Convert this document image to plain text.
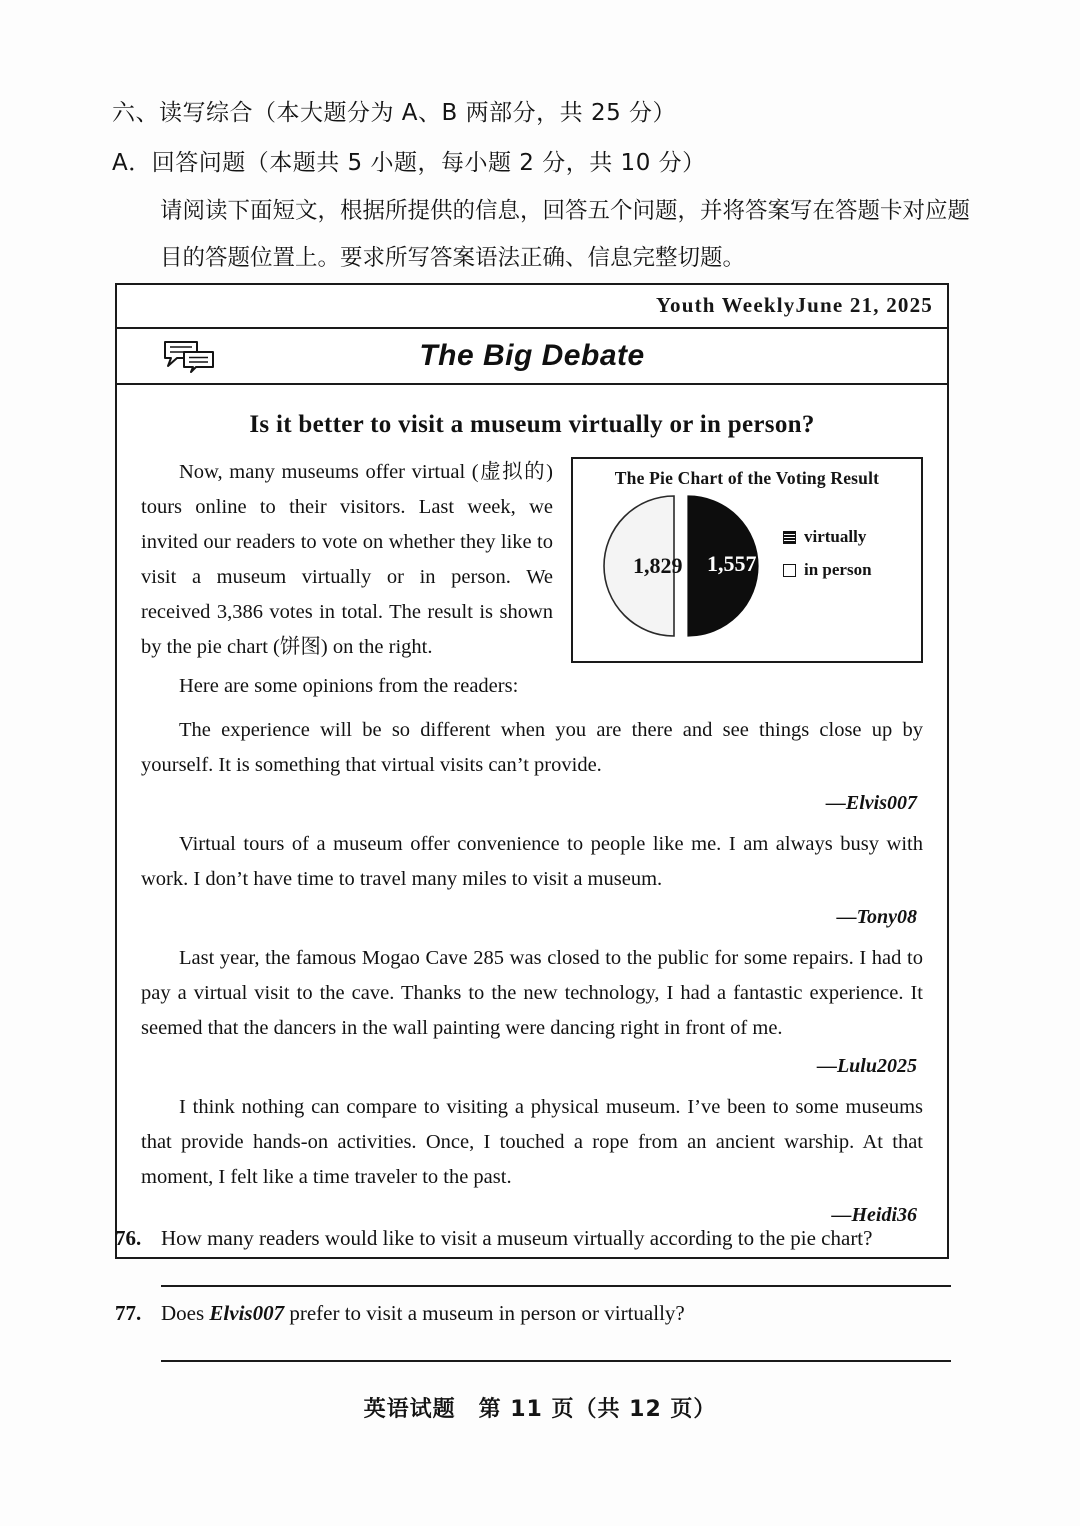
六、读写综合（本大题分为 A、B 两部分，共 25 分）
A．回答问题（本题共 5 小题，每小题 2 分，共 10 分）
请阅读下面短文，根据所提供的信息，回答五个问题，并将答案写在答题卡对应题目的答题位置上。要求所写答案语法正确、信息完整切题。
Youth WeeklyJune 21, 2025
The Big Debate
Is it better to visit a museum virtually or in person?
The Pie Chart of the Voting Result
1,829 1,557
virtually
in person

Now, many museums offer virtual (虚拟的) tours online to their visitors. Last week, we invited our readers to vote on whether they like to visit a museum virtually or in person. We received 3,386 votes in total. The result is shown by the pie chart (饼图) on the right.

Here are some opinions from the readers:

The experience will be so different when you are there and see things close up by yourself. It is something that virtual visits can’t provide.

—Elvis007

Virtual tours of a museum offer convenience to people like me. I am always busy with work. I don’t have time to travel many miles to visit a museum.

—Tony08

Last year, the famous Mogao Cave 285 was closed to the public for some repairs. I had to pay a virtual visit to the cave. Thanks to the new technology, I had a fantastic experience. It seemed that the dancers in the wall painting were dancing right in front of me.

—Lulu2025

I think nothing can compare to visiting a physical museum. I’ve been to some museums that provide hands-on activities. Once, I touched a rope from an ancient warship. At that moment, I felt like a time traveler to the past.

—Heidi36
76. How many readers would like to visit a museum virtually according to the pie chart?
77. Does Elvis007 prefer to visit a museum in person or virtually?
英语试题　第 11 页（共 12 页）
